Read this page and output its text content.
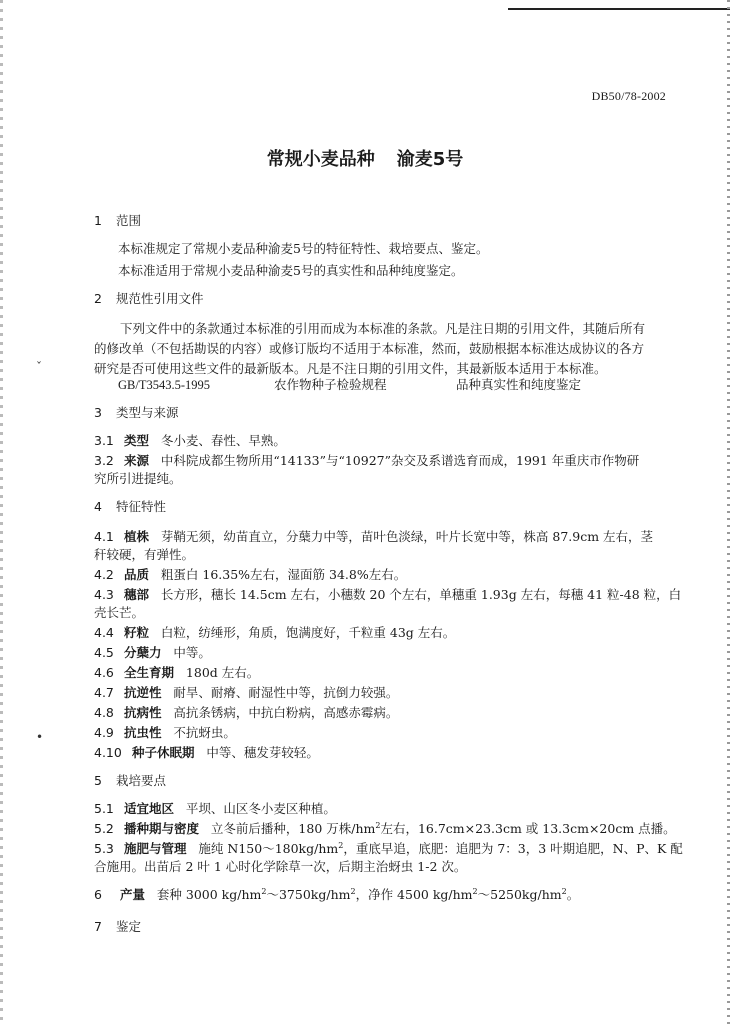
ˇ
•
DB50/78-2002
常规小麦品种 渝麦5号
1 范围
本标准规定了常规小麦品种渝麦5号的特征特性、栽培要点、鉴定。
本标准适用于常规小麦品种渝麦5号的真实性和品种纯度鉴定。
2 规范性引用文件
下列文件中的条款通过本标准的引用而成为本标准的条款。凡是注日期的引用文件，其随后所有
的修改单（不包括勘误的内容）或修订版均不适用于本标准，然而，鼓励根据本标准达成协议的各方
研究是否可使用这些文件的最新版本。凡是不注日期的引用文件，其最新版本适用于本标准。
GB/T3543.5-1995	农作物种子检验规程	品种真实性和纯度鉴定
3 类型与来源
3.1 类型 冬小麦、春性、早熟。
3.2 来源 中科院成都生物所用“14133”与“10927”杂交及系谱选育而成，1991 年重庆市作物研
究所引进提纯。
4 特征特性
4.1 植株 芽鞘无须，幼苗直立，分蘖力中等，苗叶色淡绿，叶片长宽中等，株高 87.9cm 左右，茎
秆较硬，有弹性。
4.2 品质 粗蛋白 16.35%左右，湿面筋 34.8%左右。
4.3 穗部 长方形，穗长 14.5cm 左右，小穗数 20 个左右，单穗重 1.93g 左右，每穗 41 粒-48 粒，白
壳长芒。
4.4 籽粒 白粒，纺缍形，角质，饱满度好，千粒重 43g 左右。
4.5 分蘖力 中等。
4.6 全生育期 180d 左右。
4.7 抗逆性 耐旱、耐瘠、耐湿性中等，抗倒力较强。
4.8 抗病性 高抗条锈病，中抗白粉病，高感赤霉病。
4.9 抗虫性 不抗蚜虫。
4.10 种子休眠期 中等、穗发芽较轻。
5 栽培要点
5.1 适宜地区 平坝、山区冬小麦区种植。
5.2 播种期与密度 立冬前后播种，180 万株$/hm^2$左右，16.7cm×23.3cm 或 13.3cm×20cm 点播。
5.3 施肥与管理 施纯 $N150\sim 180kg/hm^2$，重底早追，底肥：追肥为 7：3，3 叶期追肥，N、P、K 配
合施用。出苗后 2 叶 1 心时化学除草一次，后期主治蚜虫 1-2 次。
6 产量 套种 3000 $kg/hm^2\sim 3750kg/hm^2$，净作 4500 $kg/hm^2\sim 5250kg/hm^2$。
7 鉴定
